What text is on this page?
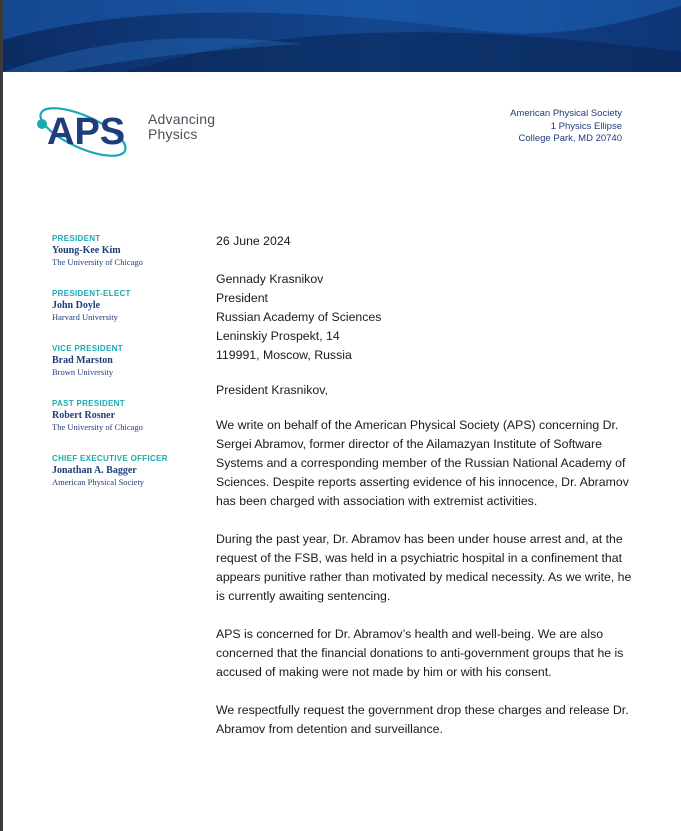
APS Advancing
Physics
American Physical Society
1 Physics Ellipse
College Park, MD 20740
PRESIDENT
Young-Kee Kim
The University of Chicago
PRESIDENT-ELECT
John Doyle
Harvard University
VICE PRESIDENT
Brad Marston
Brown University
PAST PRESIDENT
Robert Rosner
The University of Chicago
CHIEF EXECUTIVE OFFICER
Jonathan A. Bagger
American Physical Society

26 June 2024

Gennady Krasnikov

President

Russian Academy of Sciences

Leninskiy Prospekt, 14

119991, Moscow, Russia

President Krasnikov,

We write on behalf of the American Physical Society (APS) concerning Dr. Sergei Abramov, former director of the Ailamazyan Institute of Software Systems and a corresponding member of the Russian National Academy of Sciences. Despite reports asserting evidence of his innocence, Dr. Abramov has been charged with association with extremist activities.

During the past year, Dr. Abramov has been under house arrest and, at the request of the FSB, was held in a psychiatric hospital in a confinement that appears punitive rather than motivated by medical necessity. As we write, he is currently awaiting sentencing.

APS is concerned for Dr. Abramov’s health and well-being. We are also concerned that the financial donations to anti-government groups that he is accused of making were not made by him or with his consent.

We respectfully request the government drop these charges and release Dr. Abramov from detention and surveillance.
